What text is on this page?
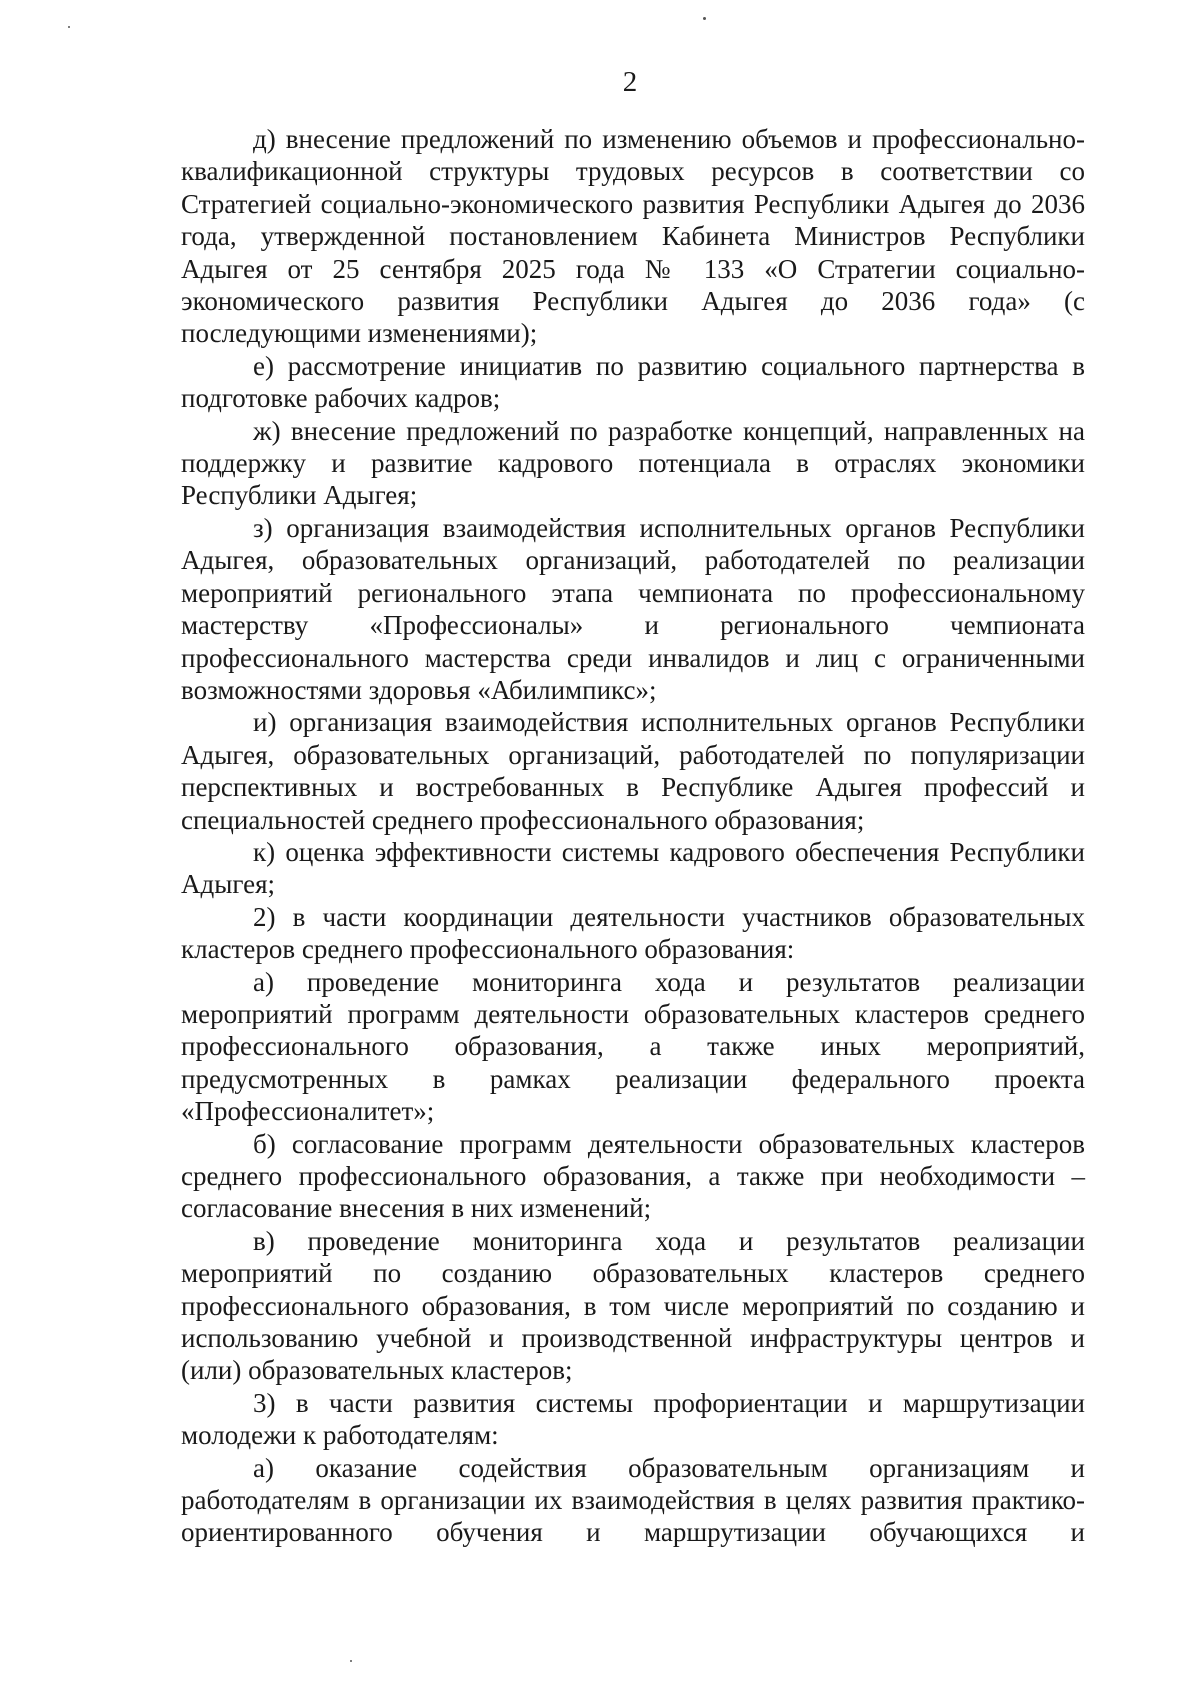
2

д) внесение предложений по изменению объемов и профессионально-квалификационной структуры трудовых ресурсов в соответствии со Стратегией социально-экономического развития Республики Адыгея до 2036 года, утвержденной постановлением Кабинета Министров Республики Адыгея от 25 сентября 2025 года № 133 «О Стратегии социально-экономического развития Республики Адыгея до 2036 года» (с последующими изменениями);

е) рассмотрение инициатив по развитию социального партнерства в подготовке рабочих кадров;

ж) внесение предложений по разработке концепций, направленных на поддержку и развитие кадрового потенциала в отраслях экономики Республики Адыгея;

з) организация взаимодействия исполнительных органов Республики Адыгея, образовательных организаций, работодателей по реализации мероприятий регионального этапа чемпионата по профессиональному мастерству «Профессионалы» и регионального чемпионата профессионального мастерства среди инвалидов и лиц с ограниченными возможностями здоровья «Абилимпикс»;

и) организация взаимодействия исполнительных органов Республики Адыгея, образовательных организаций, работодателей по популяризации перспективных и востребованных в Республике Адыгея профессий и специальностей среднего профессионального образования;

к) оценка эффективности системы кадрового обеспечения Республики Адыгея;

2) в части координации деятельности участников образовательных кластеров среднего профессионального образования:

а) проведение мониторинга хода и результатов реализации мероприятий программ деятельности образовательных кластеров среднего профессионального образования, а также иных мероприятий, предусмотренных в рамках реализации федерального проекта «Профессионалитет»;

б) согласование программ деятельности образовательных кластеров среднего профессионального образования, а также при необходимости – согласование внесения в них изменений;

в) проведение мониторинга хода и результатов реализации мероприятий по созданию образовательных кластеров среднего профессионального образования, в том числе мероприятий по созданию и использованию учебной и производственной инфраструктуры центров и (или) образовательных кластеров;

3) в части развития системы профориентации и маршрутизации молодежи к работодателям:

а) оказание содействия образовательным организациям и работодателям в организации их взаимодействия в целях развития практико-ориентированного обучения и маршрутизации обучающихся и
